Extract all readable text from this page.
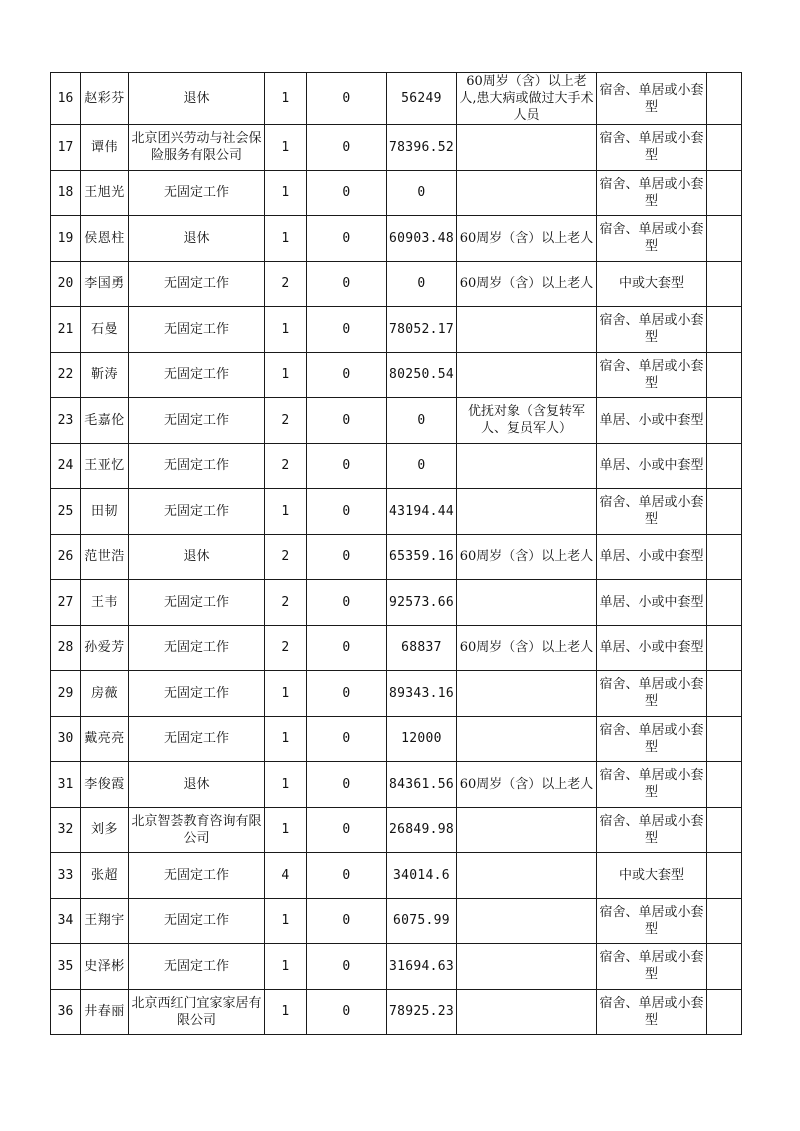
16	赵彩芬	退休	1	0	56249	60周岁（含）以上老人,患大病或做过大手术人员	宿舍、单居或小套型	
17	谭伟	北京团兴劳动与社会保险服务有限公司	1	0	78396.52		宿舍、单居或小套型	
18	王旭光	无固定工作	1	0	0		宿舍、单居或小套型	
19	侯恩柱	退休	1	0	60903.48	60周岁（含）以上老人	宿舍、单居或小套型	
20	李国勇	无固定工作	2	0	0	60周岁（含）以上老人	中或大套型	
21	石曼	无固定工作	1	0	78052.17		宿舍、单居或小套型	
22	靳涛	无固定工作	1	0	80250.54		宿舍、单居或小套型	
23	毛嘉伦	无固定工作	2	0	0	优抚对象（含复转军人、复员军人）	单居、小或中套型	
24	王亚忆	无固定工作	2	0	0		单居、小或中套型	
25	田韧	无固定工作	1	0	43194.44		宿舍、单居或小套型	
26	范世浩	退休	2	0	65359.16	60周岁（含）以上老人	单居、小或中套型	
27	王韦	无固定工作	2	0	92573.66		单居、小或中套型	
28	孙爱芳	无固定工作	2	0	68837	60周岁（含）以上老人	单居、小或中套型	
29	房薇	无固定工作	1	0	89343.16		宿舍、单居或小套型	
30	戴亮亮	无固定工作	1	0	12000		宿舍、单居或小套型	
31	李俊霞	退休	1	0	84361.56	60周岁（含）以上老人	宿舍、单居或小套型	
32	刘多	北京智荟教育咨询有限公司	1	0	26849.98		宿舍、单居或小套型	
33	张超	无固定工作	4	0	34014.6		中或大套型	
34	王翔宇	无固定工作	1	0	6075.99		宿舍、单居或小套型	
35	史泽彬	无固定工作	1	0	31694.63		宿舍、单居或小套型	
36	井春丽	北京西红门宜家家居有限公司	1	0	78925.23		宿舍、单居或小套型	
